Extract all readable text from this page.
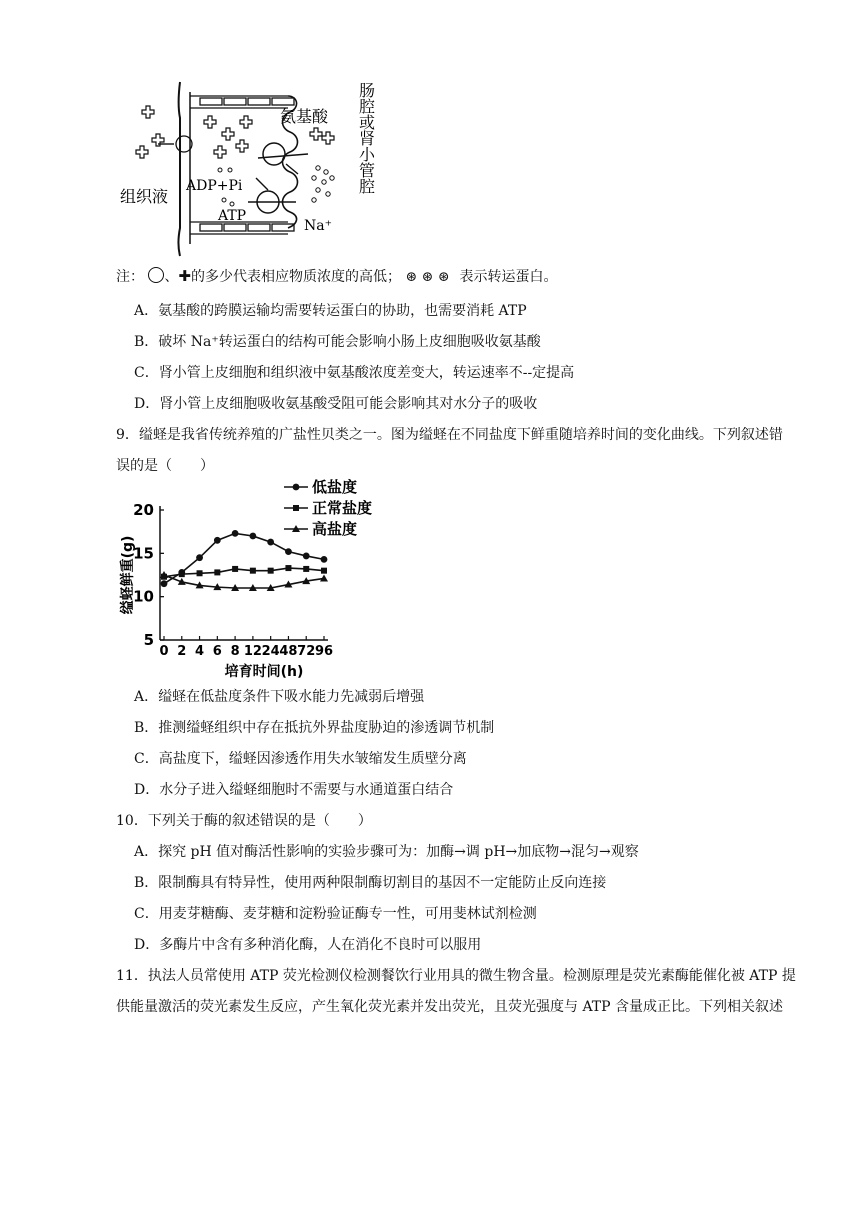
氨基酸
组织液
ADP+Pi
ATP
Na⁺
肠腔或肾小管腔
注： 、✚的多少代表相应物质浓度的高低； ⊛ ⊛ ⊛ 表示转运蛋白。
A．氨基酸的跨膜运输均需要转运蛋白的协助，也需要消耗 ATP
B．破坏 Na⁺转运蛋白的结构可能会影响小肠上皮细胞吸收氨基酸
C．肾小管上皮细胞和组织液中氨基酸浓度差变大，转运速率不--定提高
D．肾小管上皮细胞吸收氨基酸受阻可能会影响其对水分子的吸收
9．缢蛏是我省传统养殖的广盐性贝类之一。图为缢蛏在不同盐度下鲜重随培养时间的变化曲线。下列叙述错
误的是（　　）
5
10
15
20
0 2 4 6 8 12 24 48 72 96
培育时间(h)
缢蛏鲜重(g)
低盐度
正常盐度
高盐度
A．缢蛏在低盐度条件下吸水能力先减弱后增强
B．推测缢蛏组织中存在抵抗外界盐度胁迫的渗透调节机制
C．高盐度下，缢蛏因渗透作用失水皱缩发生质壁分离
D．水分子进入缢蛏细胞时不需要与水通道蛋白结合
10．下列关于酶的叙述错误的是（　　）
A．探究 pH 值对酶活性影响的实验步骤可为：加酶→调 pH→加底物→混匀→观察
B．限制酶具有特异性，使用两种限制酶切割目的基因不一定能防止反向连接
C．用麦芽糖酶、麦芽糖和淀粉验证酶专一性，可用斐林试剂检测
D．多酶片中含有多种消化酶，人在消化不良时可以服用
11．执法人员常使用 ATP 荧光检测仪检测餐饮行业用具的微生物含量。检测原理是荧光素酶能催化被 ATP 提
供能量激活的荧光素发生反应，产生氧化荧光素并发出荧光，且荧光强度与 ATP 含量成正比。下列相关叙述
